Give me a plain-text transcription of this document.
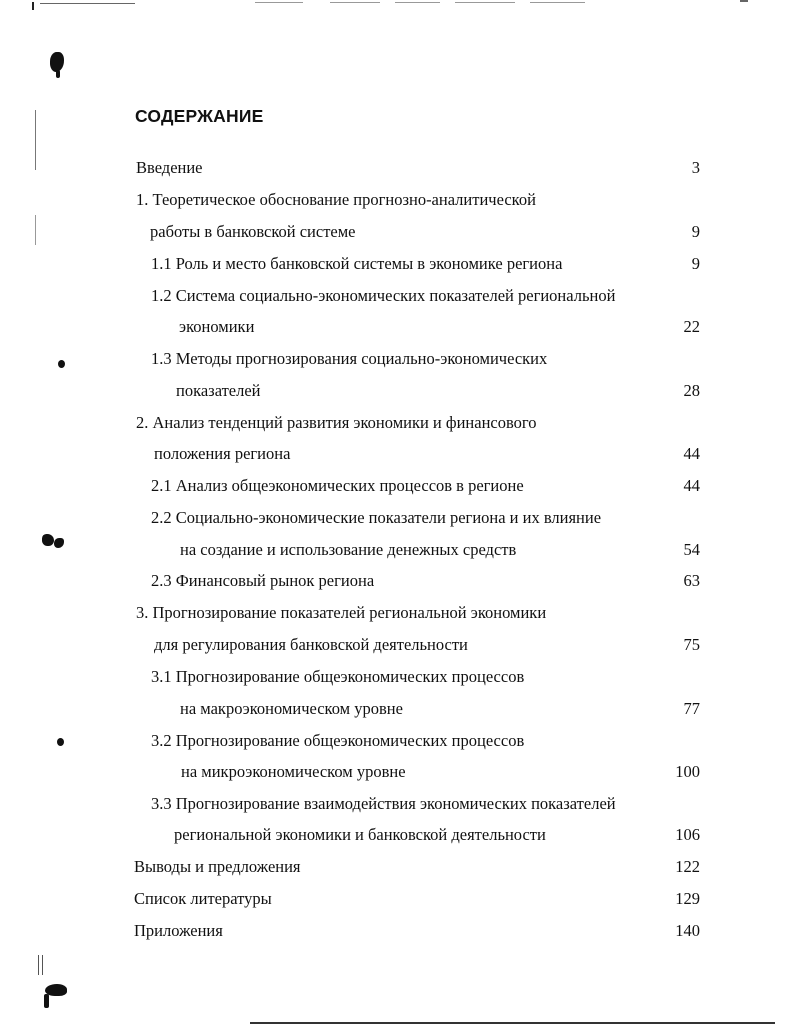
СОДЕРЖАНИЕ
Введение	3
1. Теоретическое обоснование прогнозно-аналитической
работы в банковской системе	9
1.1 Роль и место банковской системы в экономике региона	9
1.2 Система социально-экономических показателей региональной
экономики	22
1.3 Методы прогнозирования социально-экономических
показателей	28
2. Анализ тенденций развития экономики и финансового
положения региона	44
2.1 Анализ общеэкономических процессов в регионе	44
2.2 Социально-экономические показатели региона и их влияние
на создание и использование денежных средств	54
2.3 Финансовый рынок региона	63
3. Прогнозирование показателей региональной экономики
для регулирования банковской деятельности	75
3.1 Прогнозирование общеэкономических процессов
на макроэкономическом уровне	77
3.2 Прогнозирование общеэкономических процессов
на микроэкономическом уровне	100
3.3 Прогнозирование взаимодействия экономических показателей
региональной экономики и банковской деятельности	106
Выводы и предложения	122
Список литературы	129
Приложения	140
